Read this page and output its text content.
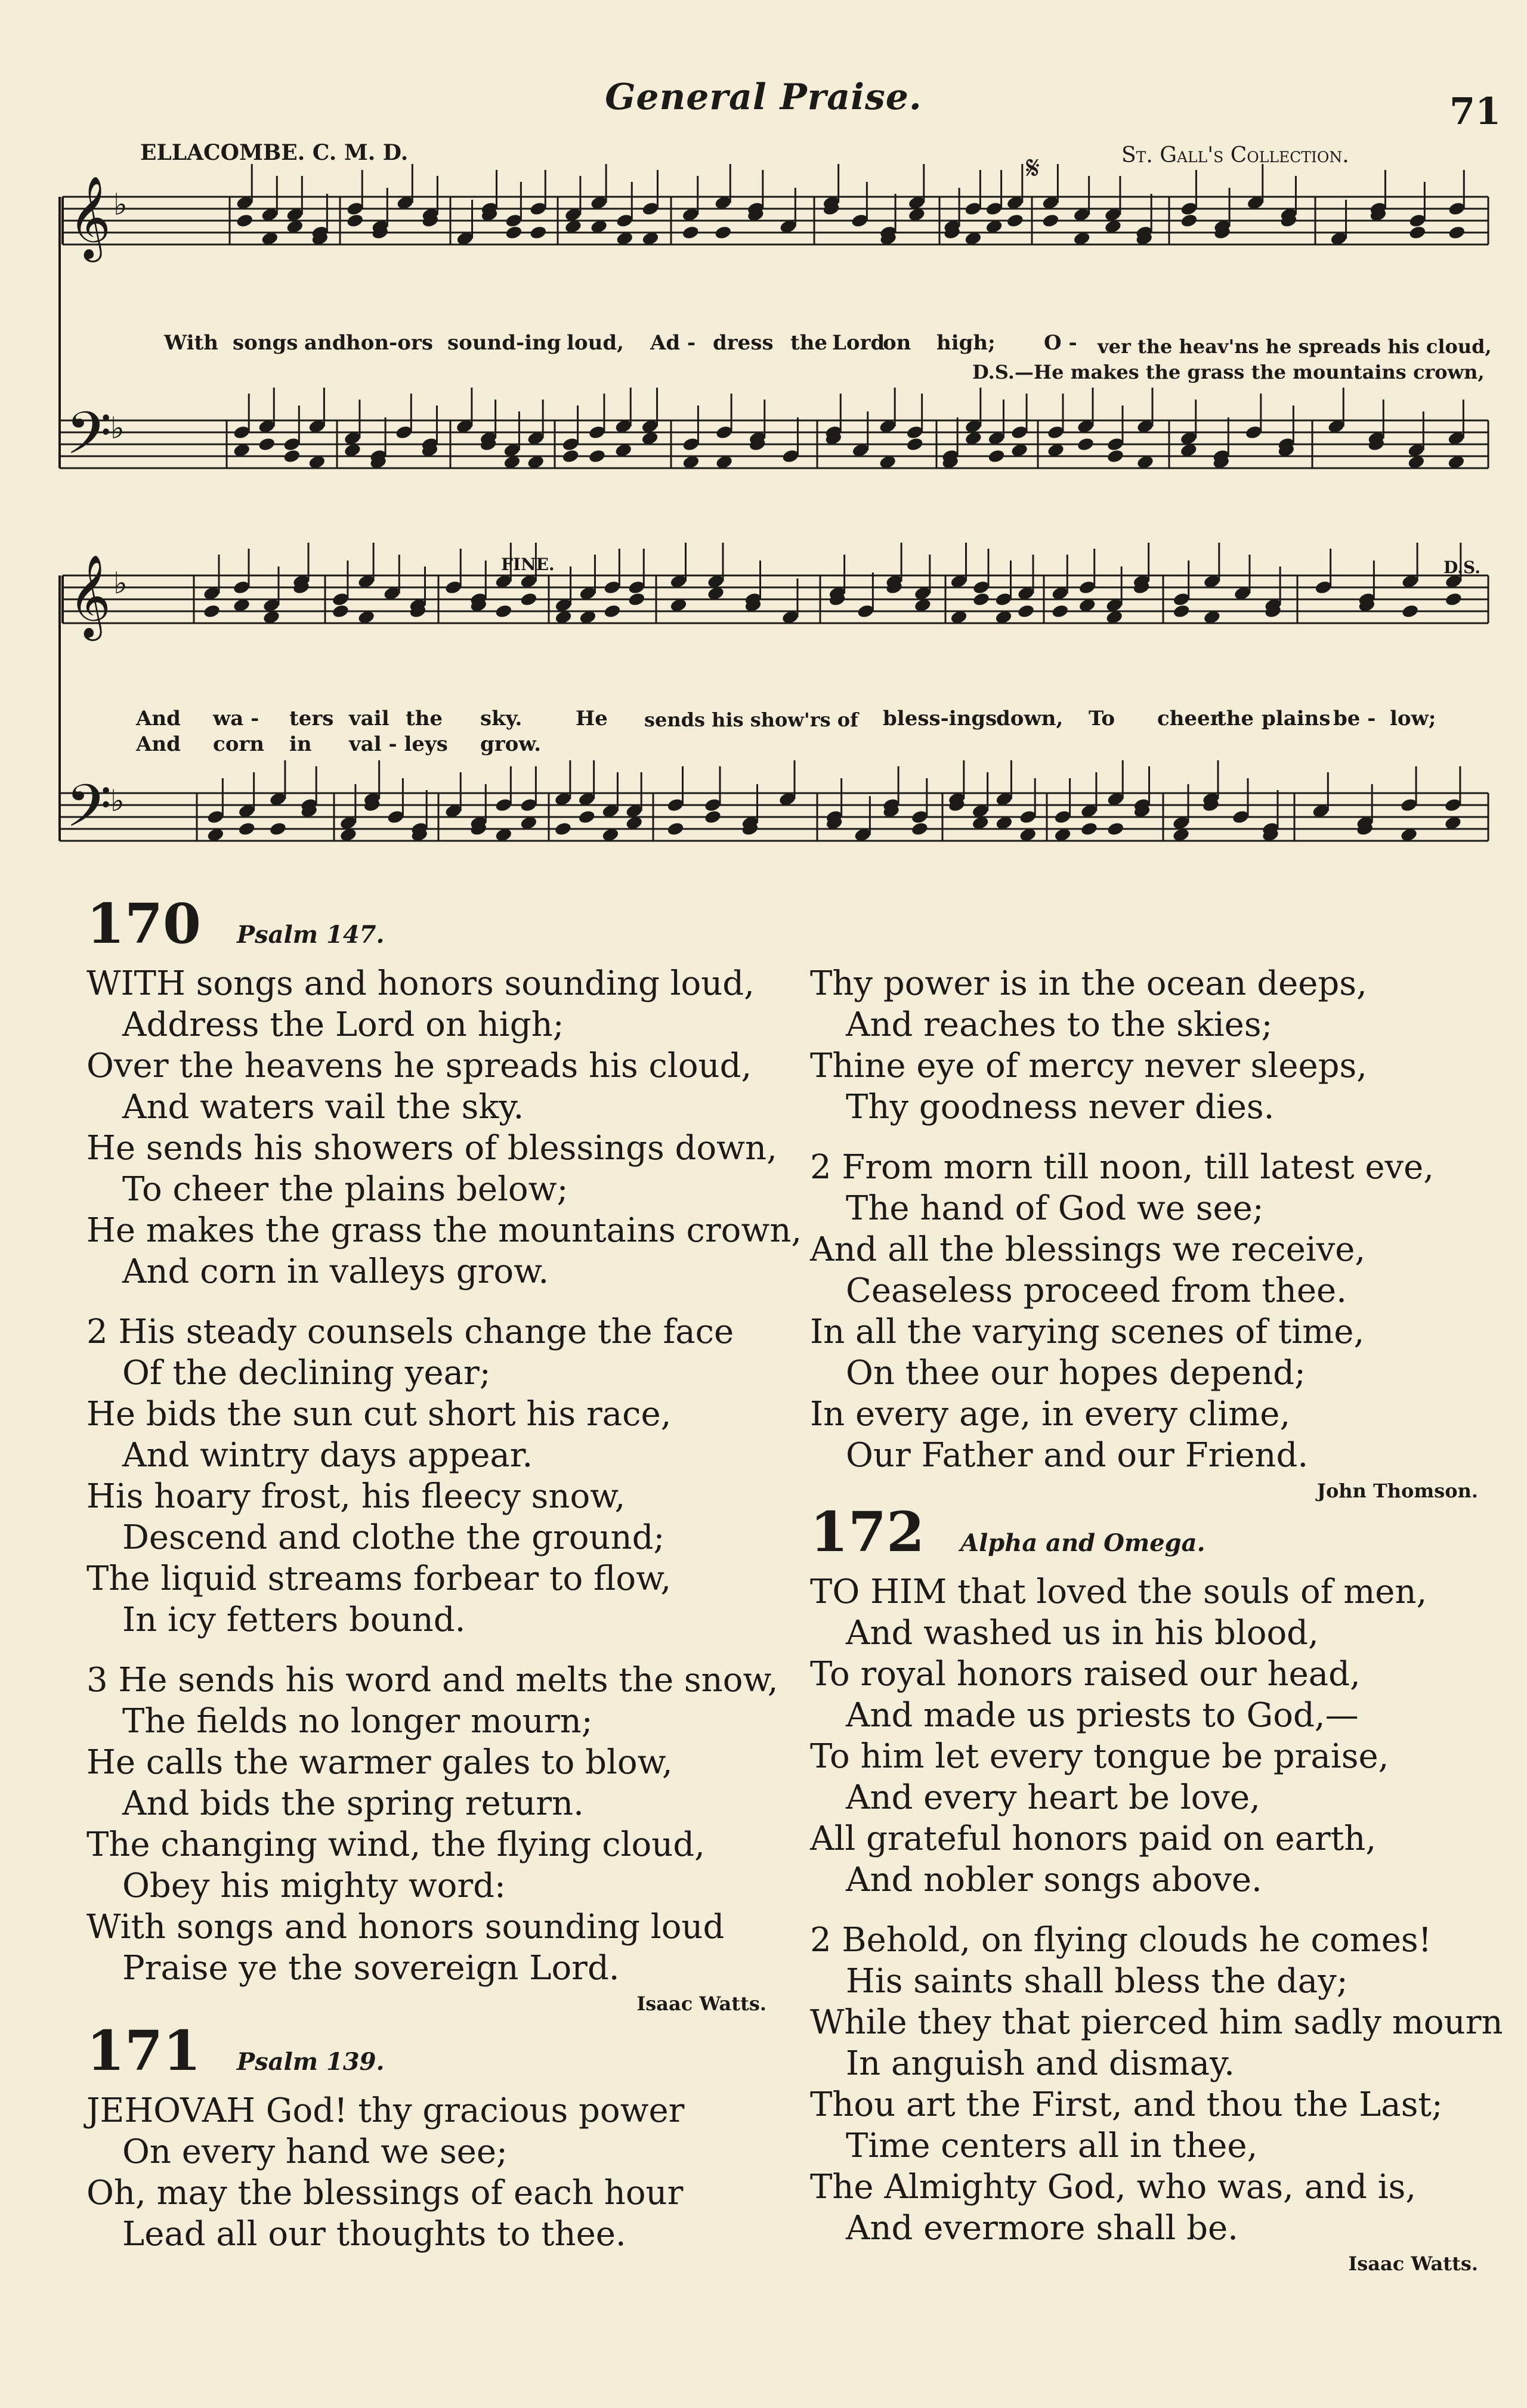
General Praise.	71
ELLACOMBE. C. M. D.	St. Gall's Collection.
𝄞 ♭
𝄢
♭
𝄞 ♭
𝄢
♭
𝄋
FINE.	D.S.
With songs and hon-ors sound-ing loud, Ad - dress the Lord
on high; O - ver the heav'ns he spreads his cloud,
D.S.—He makes the grass the mountains crown,
And wa - ters vail the sky.	He sends his show'rs of bless-ings
down, To cheer
the plains be - low;
And corn in val - leys grow.
170 Psalm 147.
WITH songs and honors sounding loud,
Address the Lord on high;
Over the heavens he spreads his cloud,
And waters vail the sky.
He sends his showers of blessings down,
To cheer the plains below;
He makes the grass the mountains crown,
And corn in valleys grow.
2 His steady counsels change the face
Of the declining year;
He bids the sun cut short his race,
And wintry days appear.
His hoary frost, his fleecy snow,
Descend and clothe the ground;
The liquid streams forbear to flow,
In icy fetters bound.
3 He sends his word and melts the snow,
The fields no longer mourn;
He calls the warmer gales to blow,
And bids the spring return.
The changing wind, the flying cloud,
Obey his mighty word:
With songs and honors sounding loud
Praise ye the sovereign Lord.
Isaac Watts.
171 Psalm 139.
JEHOVAH God! thy gracious power
On every hand we see;
Oh, may the blessings of each hour
Lead all our thoughts to thee.
Thy power is in the ocean deeps,
And reaches to the skies;
Thine eye of mercy never sleeps,
Thy goodness never dies.
2 From morn till noon, till latest eve,
The hand of God we see;
And all the blessings we receive,
Ceaseless proceed from thee.
In all the varying scenes of time,
On thee our hopes depend;
In every age, in every clime,
Our Father and our Friend.
John Thomson.
172 Alpha and Omega.
TO HIM that loved the souls of men,
And washed us in his blood,
To royal honors raised our head,
And made us priests to God,—
To him let every tongue be praise,
And every heart be love,
All grateful honors paid on earth,
And nobler songs above.
2 Behold, on flying clouds he comes!
His saints shall bless the day;
While they that pierced him sadly mourn
In anguish and dismay.
Thou art the First, and thou the Last;
Time centers all in thee,
The Almighty God, who was, and is,
And evermore shall be.
Isaac Watts.
